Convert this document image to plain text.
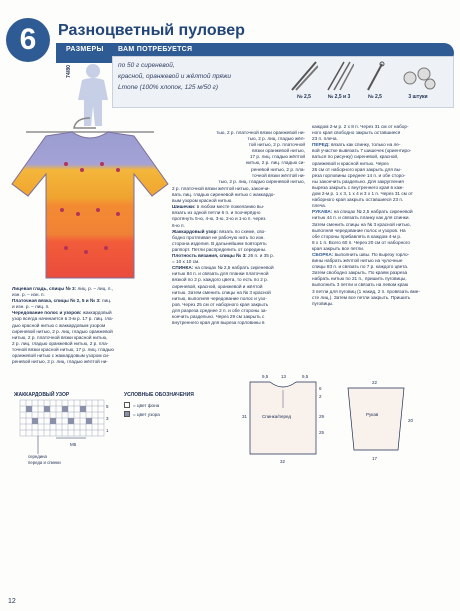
6 Разноцветный пуловер
РАЗМЕРЫ ВАМ ПОТРЕБУЕТСЯ
74/80	по 50 г сиреневой,
красной, оранжевой и жёлтой пряжи
Lmone (100% хлопок, 125 м/50 г)
№ 2,5	№ 2,5 и 3	№ 2,5	3 штуки
Лицевая гладь, спицы № 3: лиц. р. – лиц. п.,
изн. р. – изн. п.
Платочная вязка, спицы № 2, 5 и № 3: лиц.
и изн. р. – лиц. п.
Чередование полос и узоров: жаккардовый
узор всегда начинается в 3-м р. 17 р. лиц. гла-
дью красной нитью с жаккардовым узором
сиреневой нитью, 2 р. лиц. гладью оранжевой
нитью, 2 р. платочной вязки красной нитью,
2 р. лиц. гладью оранжевой нитью, 2 р. пла-
точной вязки красной нитью, 17 р. лиц. гладью
оранжевой нитью с жаккардовым узором си-
реневой нитью, 2 р. лиц. гладью жёлтой ни-
тью, 2 р. платочной вязки оранжевой ни-
тью, 2 р. лиц. гладью жёл-
той нитью, 2 р. платочной
вязки оранжевой нитью,
17 р. лиц. гладью жёлтой
нитью, 2 р. лиц. гладью си-
реневой нитью, 2 р. пла-
точной вязки жёлтой ни-
тью, 2 р. лиц. гладью сиреневой нитью,
2 р. платочной вязки жёлтой нитью, закончи-
вать лиц. гладью сиреневой нитью с жаккардо-
вым узором красной нитью.
Шишечки: в любом месте пожеланию вы-
вязать из одной петли 6 п. и поочерёдно
протянуть 5-ю, 4-ю, 3-ю, 2-ю и 1-ю п. через
6-ю п.
Жаккардовый узор: вязать по схеме, сво-
бодно протягивая не рабочую нить по изн.
сторона изделия. В дальнейшем повторять
раппорт. Петли распределить от середины.
Плотность вязания, спицы № 3: 26 п. и 35 р.
= 10 х 10 см.
СПИНКА: на спицах № 2,5 набрать сиреневой
нитью 84 п. и связать для планки платочной
вязкой по 2 р. каждого цвета, то есть по 2 р.
сиреневой, красной, оранжевой и жёлтой
нитью. Затем сменить спицы на № 3 красной
нитью, выполняя чередование полос и узо-
ров. Через 25 см от наборного края закрыть
для разреза среднее 2 п. и обе стороны за-
кончить раздельно. Через 29 см закрыть с
внутреннего края для выреза горловины в
каждом 2-м р. 2 х 8 п. Через 31 см от набор-
ного края свободно закрыть оставшиеся
23 п. плеча.
ПЕРЕД: вязать как спинку, только на ле-
вой участке вывязать 7 шишечек (ориентиро-
ваться по рисунку) сиреневой, красной,
оранжевой и красной нитью. Через
26 см от наборного края закрыть для вы-
реза горловины среднее 14 п. и обе сторо-
ны закончить раздельно. Для закругления
выреза закрыть с внутреннего края в каж-
дом 2-м р. 1 х 3, 1 х 4 и 3 х 1 п. Через 31 см от
наборного края закрыть оставшиеся 23 п.
плеча.
РУКАВА: на спицах № 2,5 набрать сиреневой
нитью 44 п. и связать планку как для спинки.
Затем сменить спицы на № 3 красной нитью,
выполняя чередование полос и узоров. На
обе стороны прибавлять в каждом 4-м р.
8 х 1 п. Всего 60 п. Через 20 см от наборного
края закрыть все петли.
СБОРКА: выполнить швы. По вырезу горло-
вины набрать жёлтой нитью на чулочные
спицы 83 п. и связать по 7 р. каждого цвета.
Затем свободно закрыть. По краям разреза
набрать нитью по 21 п., пришить пуговицы,
выполнить 3 петли и связать на левом краю
3 петли для пуговиц (1 накид, 2 п. провязать вме-
сте лиц.). Затем все петли закрыть. Пришить
пуговицы.
ЖАККАРДОВЫЙ УЗОР
5
3
1
М5
середина
переда и спинки
УСЛОВНЫЕ ОБОЗНАЧЕНИЯ
= цвет фона
= цвет узора
9,5	13	9,5
6
2
31	29
25
32
Спинка/перед
22
20
17
Рукав
12
